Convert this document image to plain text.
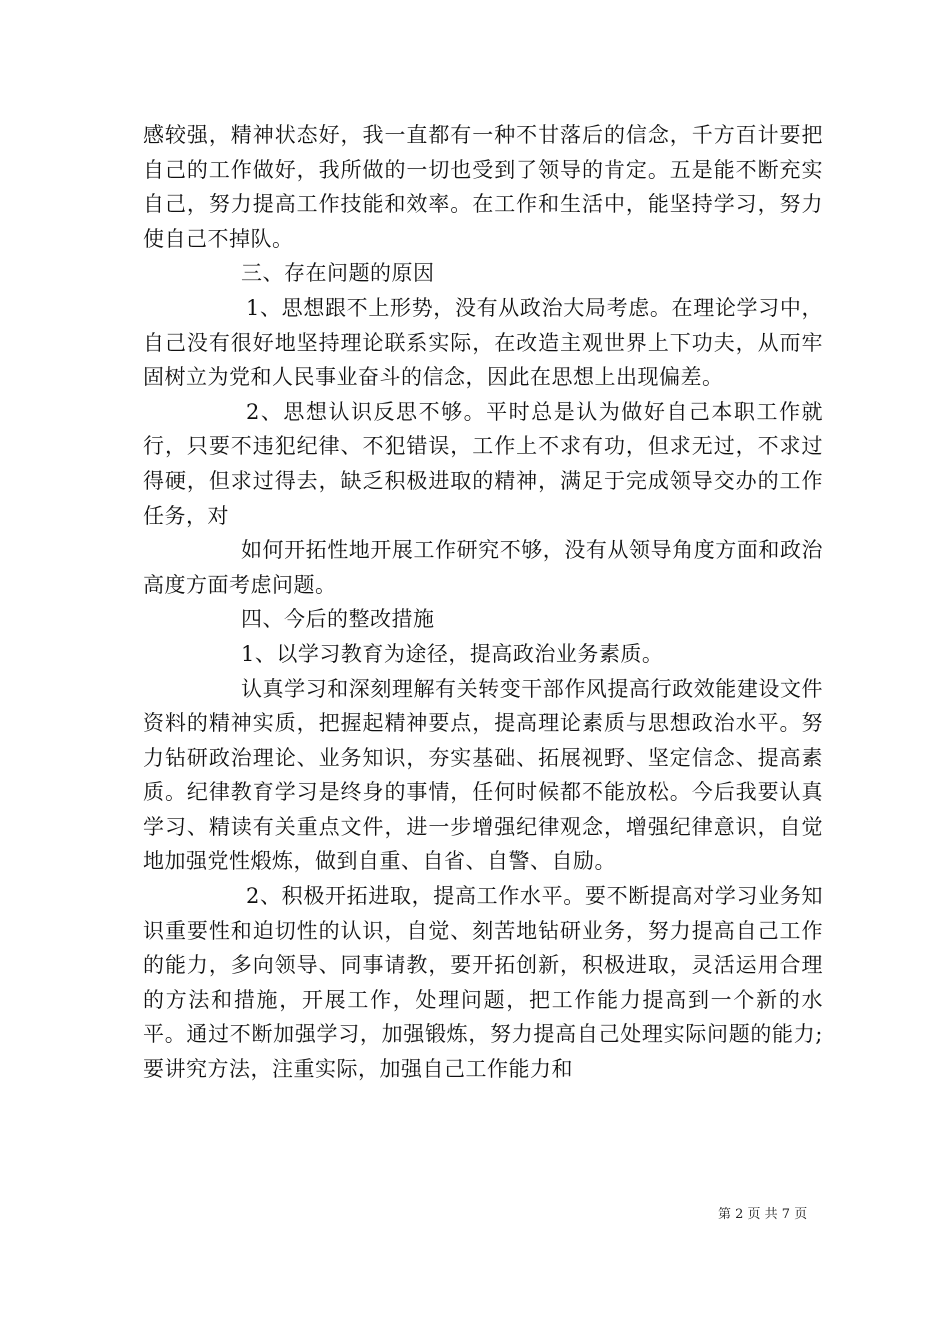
感较强，精神状态好，我一直都有一种不甘落后的信念，千方百计要把自己的工作做好，我所做的一切也受到了领导的肯定。五是能不断充实自己，努力提高工作技能和效率。在工作和生活中，能坚持学习，努力使自己不掉队。

三、存在问题的原因

1、思想跟不上形势，没有从政治大局考虑。在理论学习中，自己没有很好地坚持理论联系实际，在改造主观世界上下功夫，从而牢固树立为党和人民事业奋斗的信念，因此在思想上出现偏差。

2、思想认识反思不够。平时总是认为做好自己本职工作就行，只要不违犯纪律、不犯错误，工作上不求有功，但求无过，不求过得硬，但求过得去，缺乏积极进取的精神，满足于完成领导交办的工作任务，对

如何开拓性地开展工作研究不够，没有从领导角度方面和政治高度方面考虑问题。

四、今后的整改措施

1、以学习教育为途径，提高政治业务素质。

认真学习和深刻理解有关转变干部作风提高行政效能建设文件资料的精神实质，把握起精神要点，提高理论素质与思想政治水平。努力钻研政治理论、业务知识，夯实基础、拓展视野、坚定信念、提高素质。纪律教育学习是终身的事情，任何时候都不能放松。今后我要认真学习、精读有关重点文件，进一步增强纪律观念，增强纪律意识，自觉地加强党性煅炼，做到自重、自省、自警、自励。

2、积极开拓进取，提高工作水平。要不断提高对学习业务知识重要性和迫切性的认识，自觉、刻苦地钻研业务，努力提高自己工作的能力，多向领导、同事请教，要开拓创新，积极进取，灵活运用合理的方法和措施，开展工作，处理问题，把工作能力提高到一个新的水平。通过不断加强学习，加强锻炼，努力提高自己处理实际问题的能力;要讲究方法，注重实际，加强自己工作能力和

第 2 页 共 7 页
